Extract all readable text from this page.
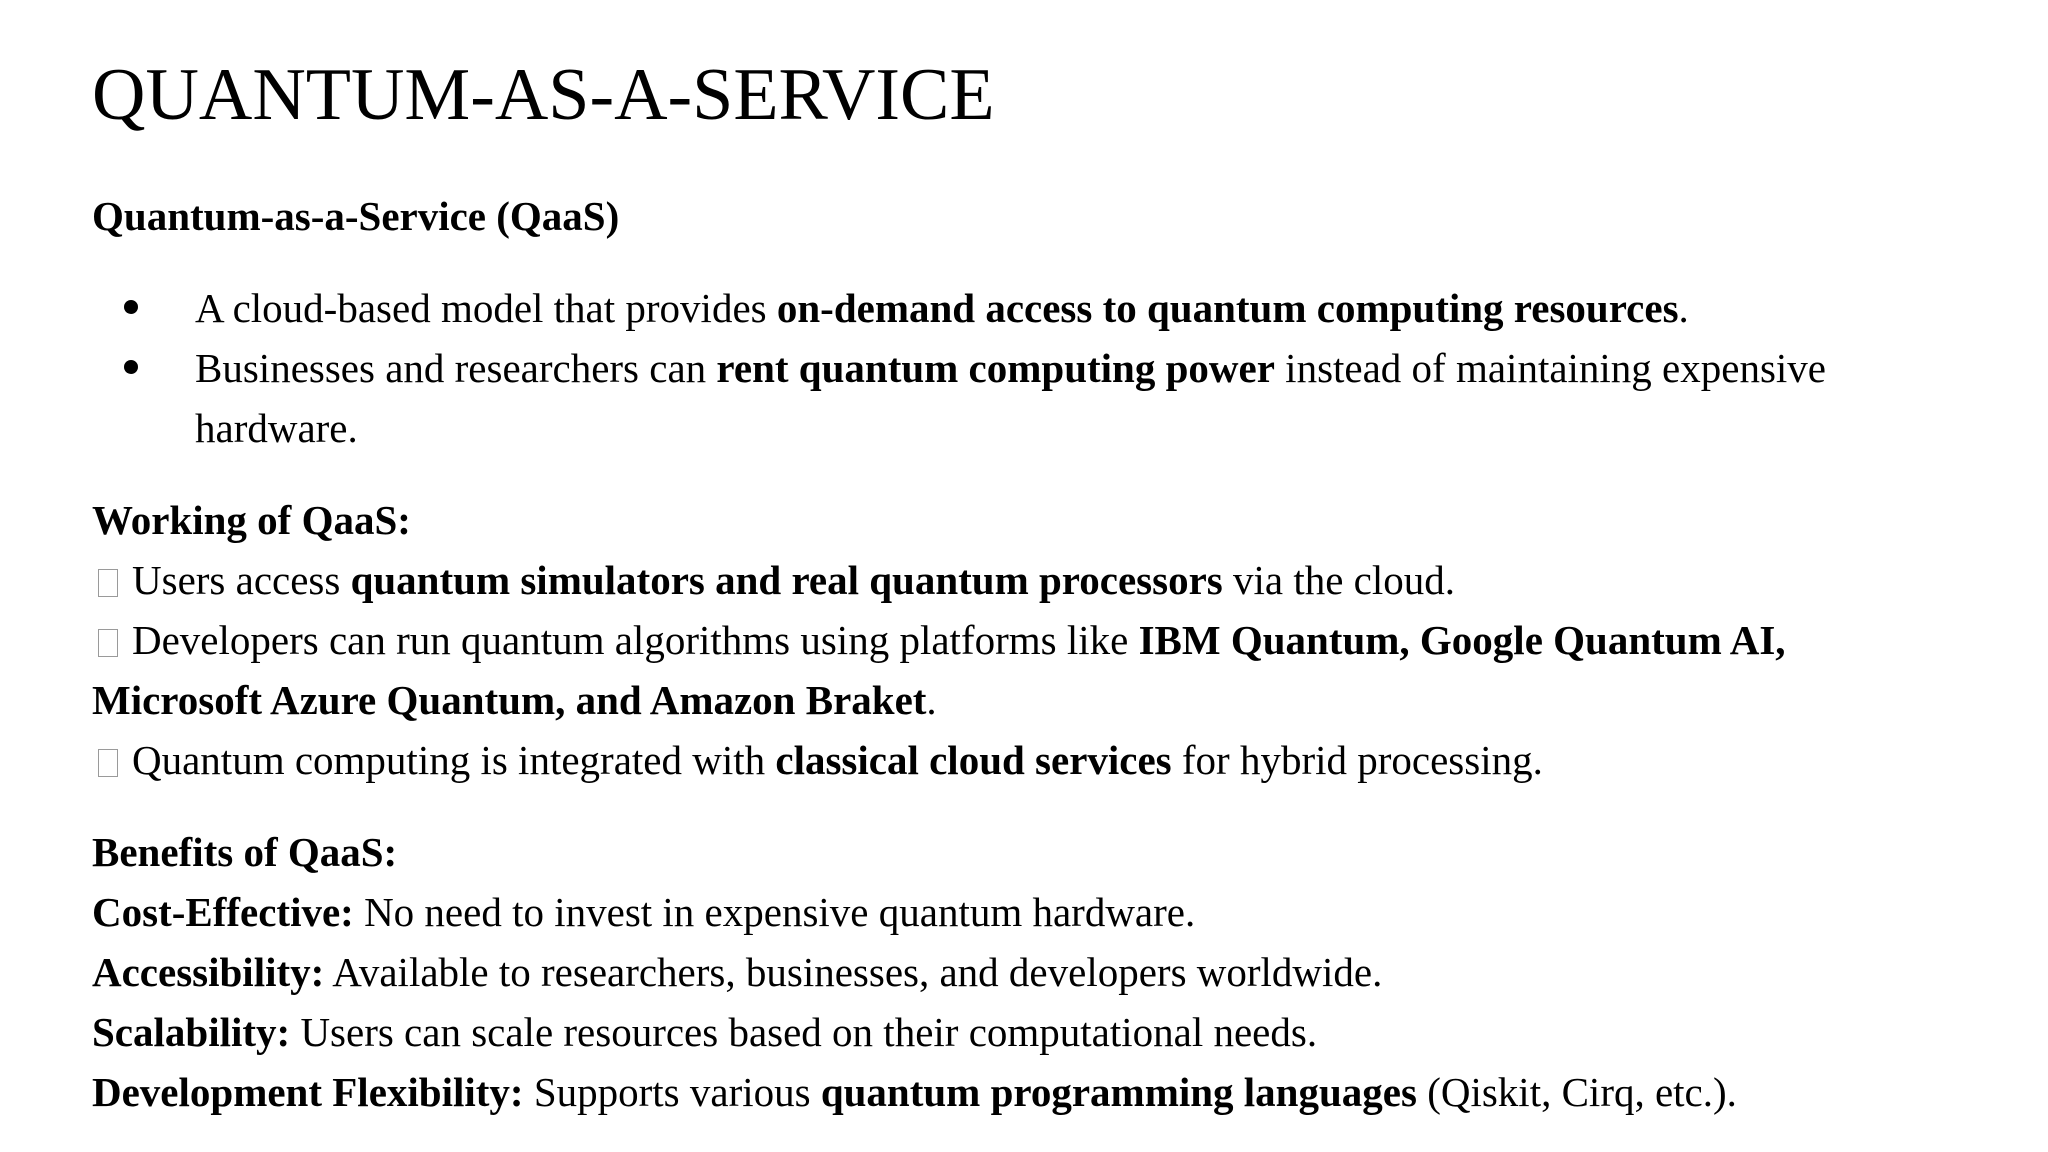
QUANTUM-AS-A-SERVICE
Quantum-as-a-Service (QaaS)
A cloud-based model that provides on-demand access to quantum computing resources.
Businesses and researchers can rent quantum computing power instead of maintaining expensive
hardware.
Working of QaaS:
Users access quantum simulators and real quantum processors via the cloud.
Developers can run quantum algorithms using platforms like IBM Quantum, Google Quantum AI,
Microsoft Azure Quantum, and Amazon Braket.
Quantum computing is integrated with classical cloud services for hybrid processing.
Benefits of QaaS:
Cost-Effective: No need to invest in expensive quantum hardware.
Accessibility: Available to researchers, businesses, and developers worldwide.
Scalability: Users can scale resources based on their computational needs.
Development Flexibility: Supports various quantum programming languages (Qiskit, Cirq, etc.).
